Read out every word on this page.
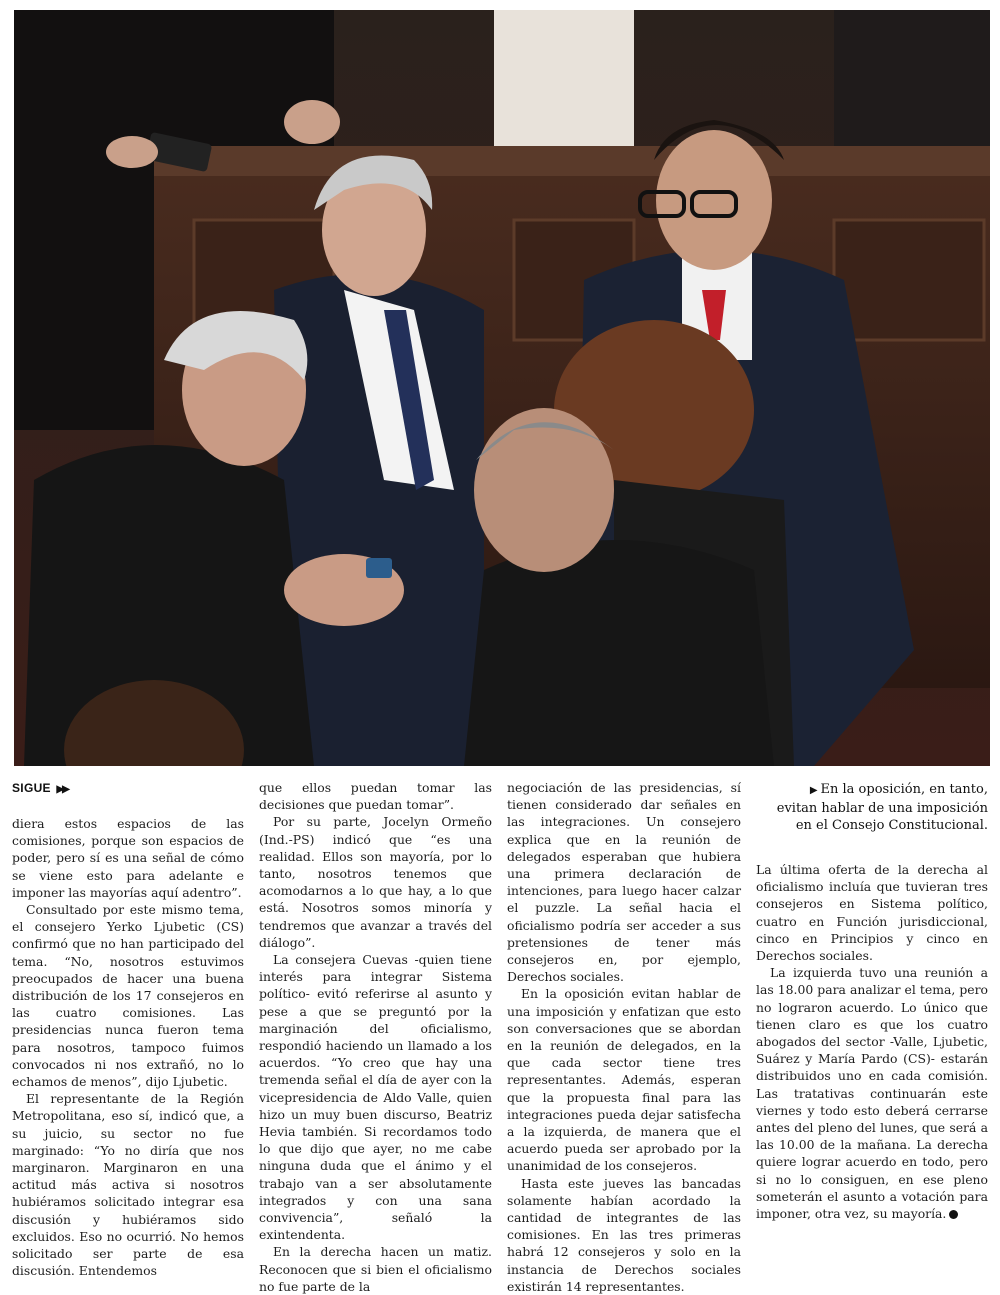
SIGUE ▶▶

diera estos espacios de las comisiones, porque son espacios de poder, pero sí es una señal de cómo se viene esto para adelante e imponer las mayorías aquí adentro”.

Consultado por este mismo tema, el consejero Yerko Ljubetic (CS) confirmó que no han participado del tema. “No, nosotros estuvimos preocupados de hacer una buena distribución de los 17 consejeros en las cuatro comisiones. Las presidencias nunca fueron tema para nosotros, tampoco fuimos convocados ni nos extrañó, no lo echamos de menos”, dijo Ljubetic.

El representante de la Región Metropolitana, eso sí, indicó que, a su juicio, su sector no fue marginado: “Yo no diría que nos marginaron. Marginaron en una actitud más activa si nosotros hubiéramos solicitado integrar esa discusión y hubiéramos sido excluidos. Eso no ocurrió. No hemos solicitado ser parte de esa discusión. Entendemos

que ellos puedan tomar las decisiones que puedan tomar”.

Por su parte, Jocelyn Ormeño (Ind.-PS) indicó que “es una realidad. Ellos son mayoría, por lo tanto, nosotros tenemos que acomodarnos a lo que hay, a lo que está. Nosotros somos minoría y tendremos que avanzar a través del diálogo”.

La consejera Cuevas -quien tiene interés para integrar Sistema político- evitó referirse al asunto y pese a que se preguntó por la marginación del oficialismo, respondió haciendo un llamado a los acuerdos. “Yo creo que hay una tremenda señal el día de ayer con la vicepresidencia de Aldo Valle, quien hizo un muy buen discurso, Beatriz Hevia también. Si recordamos todo lo que dijo que ayer, no me cabe ninguna duda que el ánimo y el trabajo van a ser absolutamente integrados y con una sana convivencia”, señaló la exintendenta.

En la derecha hacen un matiz. Reconocen que si bien el oficialismo no fue parte de la

negociación de las presidencias, sí tienen considerado dar señales en las integraciones. Un consejero explica que en la reunión de delegados esperaban que hubiera una primera declaración de intenciones, para luego hacer calzar el puzzle. La señal hacia el oficialismo podría ser acceder a sus pretensiones de tener más consejeros en, por ejemplo, Derechos sociales.

En la oposición evitan hablar de una imposición y enfatizan que esto son conversaciones que se abordan en la reunión de delegados, en la que cada sector tiene tres representantes. Además, esperan que la propuesta final para las integraciones pueda dejar satisfecha a la izquierda, de manera que el acuerdo pueda ser aprobado por la unanimidad de los consejeros.

Hasta este jueves las bancadas solamente habían acordado la cantidad de integrantes de las comisiones. En las tres primeras habrá 12 consejeros y solo en la instancia de Derechos sociales existirán 14 representantes.

▶ En la oposición, en tanto, evitan hablar de una imposición en el Consejo Constitucional.

La última oferta de la derecha al oficialismo incluía que tuvieran tres consejeros en Sistema político, cuatro en Función jurisdiccional, cinco en Principios y cinco en Derechos sociales.

La izquierda tuvo una reunión a las 18.00 para analizar el tema, pero no lograron acuerdo. Lo único que tienen claro es que los cuatro abogados del sector -Valle, Ljubetic, Suárez y María Pardo (CS)- estarán distribuidos uno en cada comisión. Las tratativas continuarán este viernes y todo esto deberá cerrarse antes del pleno del lunes, que será a las 10.00 de la mañana. La derecha quiere lograr acuerdo en todo, pero si no lo consiguen, en ese pleno someterán el asunto a votación para imponer, otra vez, su mayoría.
